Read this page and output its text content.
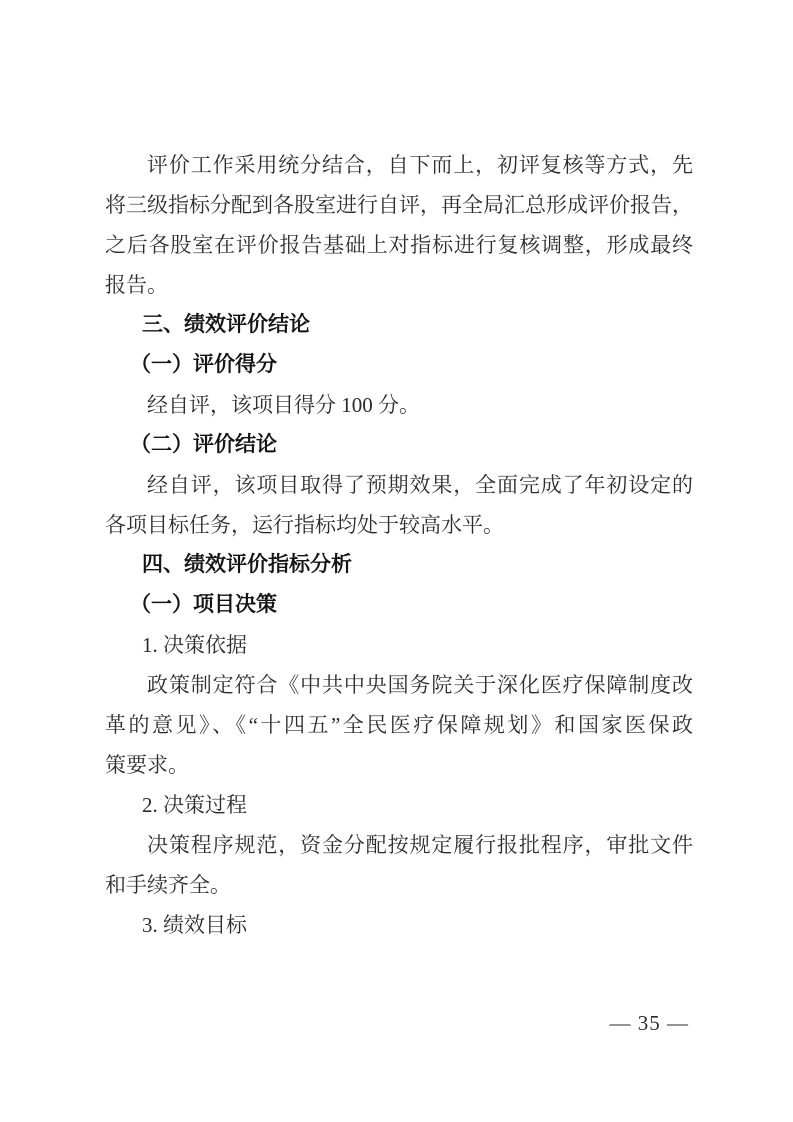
评价工作采用统分结合，自下而上，初评复核等方式，先
将三级指标分配到各股室进行自评，再全局汇总形成评价报告，
之后各股室在评价报告基础上对指标进行复核调整，形成最终
报告。
三、绩效评价结论
（一）评价得分
经自评，该项目得分 100 分。
（二）评价结论
经自评，该项目取得了预期效果，全面完成了年初设定的
各项目标任务，运行指标均处于较高水平。
四、绩效评价指标分析
（一）项目决策
1. 决策依据
政策制定符合《中共中央国务院关于深化医疗保障制度改
革的意见》、《“十四五”全民医疗保障规划》和国家医保政
策要求。
2. 决策过程
决策程序规范，资金分配按规定履行报批程序，审批文件
和手续齐全。
3. 绩效目标
— 35 —
